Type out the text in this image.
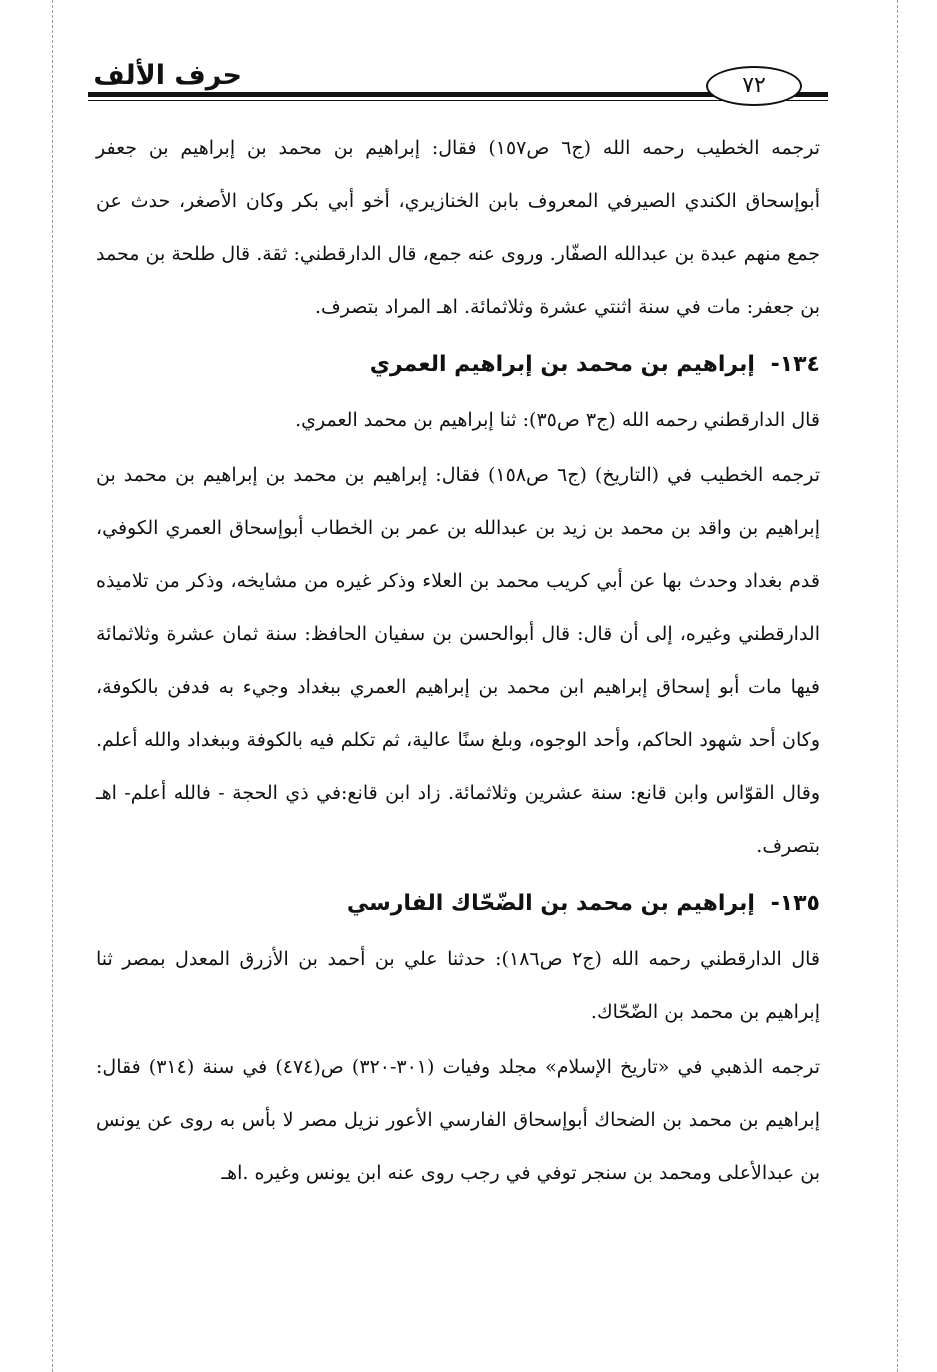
حرف الألف	٧٢

ترجمه الخطيب رحمه الله (ج٦ ص١٥٧) فقال: إبراهيم بن محمد بن إبراهيم بن جعفر أبوإسحاق الكندي الصيرفي المعروف بابن الخنازيري، أخو أبي بكر وكان الأصغر، حدث عن جمع منهم عبدة بن عبدالله الصفّار. وروى عنه جمع، قال الدارقطني: ثقة. قال طلحة بن محمد بن جعفر: مات في سنة اثنتي عشرة وثلاثمائة. اهـ المراد بتصرف.

١٣٤- إبراهيم بن محمد بن إبراهيم العمري

قال الدارقطني رحمه الله (ج٣ ص٣٥): ثنا إبراهيم بن محمد العمري.

ترجمه الخطيب في (التاريخ) (ج٦ ص١٥٨) فقال: إبراهيم بن محمد بن إبراهيم بن محمد بن إبراهيم بن واقد بن محمد بن زيد بن عبدالله بن عمر بن الخطاب أبوإسحاق العمري الكوفي، قدم بغداد وحدث بها عن أبي كريب محمد بن العلاء وذكر غيره من مشايخه، وذكر من تلاميذه الدارقطني وغيره، إلى أن قال: قال أبوالحسن بن سفيان الحافظ: سنة ثمان عشرة وثلاثمائة فيها مات أبو إسحاق إبراهيم ابن محمد بن إبراهيم العمري ببغداد وجيء به فدفن بالكوفة، وكان أحد شهود الحاكم، وأحد الوجوه، وبلغ سنًا عالية، ثم تكلم فيه بالكوفة وببغداد والله أعلم. وقال القوّاس وابن قانع: سنة عشرين وثلاثمائة. زاد ابن قانع:في ذي الحجة - فالله أعلم- اهـ بتصرف.

١٣٥- إبراهيم بن محمد بن الضّحّاك الفارسي

قال الدارقطني رحمه الله (ج٢ ص١٨٦): حدثنا علي بن أحمد بن الأزرق المعدل بمصر ثنا إبراهيم بن محمد بن الضّحّاك.

ترجمه الذهبي في «تاريخ الإسلام» مجلد وفيات (٣٠١-٣٢٠) ص(٤٧٤) في سنة (٣١٤) فقال: إبراهيم بن محمد بن الضحاك أبوإسحاق الفارسي الأعور نزيل مصر لا بأس به روى عن يونس بن عبدالأعلى ومحمد بن سنجر توفي في رجب روى عنه ابن يونس وغيره .اهـ
